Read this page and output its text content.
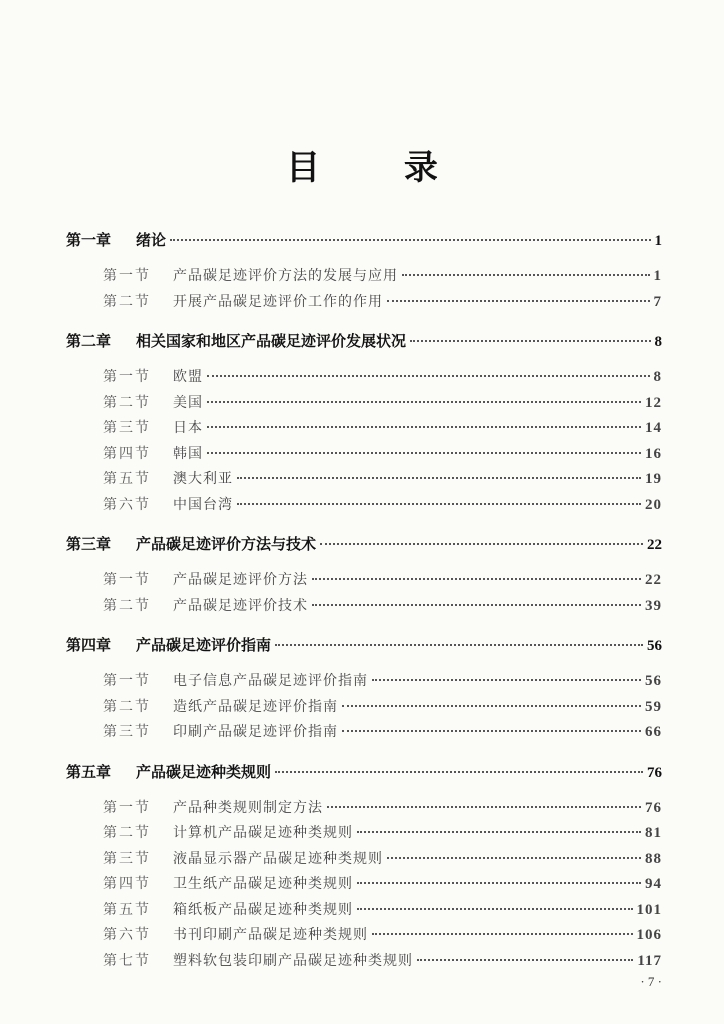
目 录
第一章	绪论	1
第一节	产品碳足迹评价方法的发展与应用	1
第二节	开展产品碳足迹评价工作的作用	7
第二章	相关国家和地区产品碳足迹评价发展状况	8
第一节	欧盟	8
第二节	美国	12
第三节	日本	14
第四节	韩国	16
第五节	澳大利亚	19
第六节	中国台湾	20
第三章	产品碳足迹评价方法与技术	22
第一节	产品碳足迹评价方法	22
第二节	产品碳足迹评价技术	39
第四章	产品碳足迹评价指南	56
第一节	电子信息产品碳足迹评价指南	56
第二节	造纸产品碳足迹评价指南	59
第三节	印刷产品碳足迹评价指南	66
第五章	产品碳足迹种类规则	76
第一节	产品种类规则制定方法	76
第二节	计算机产品碳足迹种类规则	81
第三节	液晶显示器产品碳足迹种类规则	88
第四节	卫生纸产品碳足迹种类规则	94
第五节	箱纸板产品碳足迹种类规则	101
第六节	书刊印刷产品碳足迹种类规则	106
第七节	塑料软包装印刷产品碳足迹种类规则	117
· 7 ·
